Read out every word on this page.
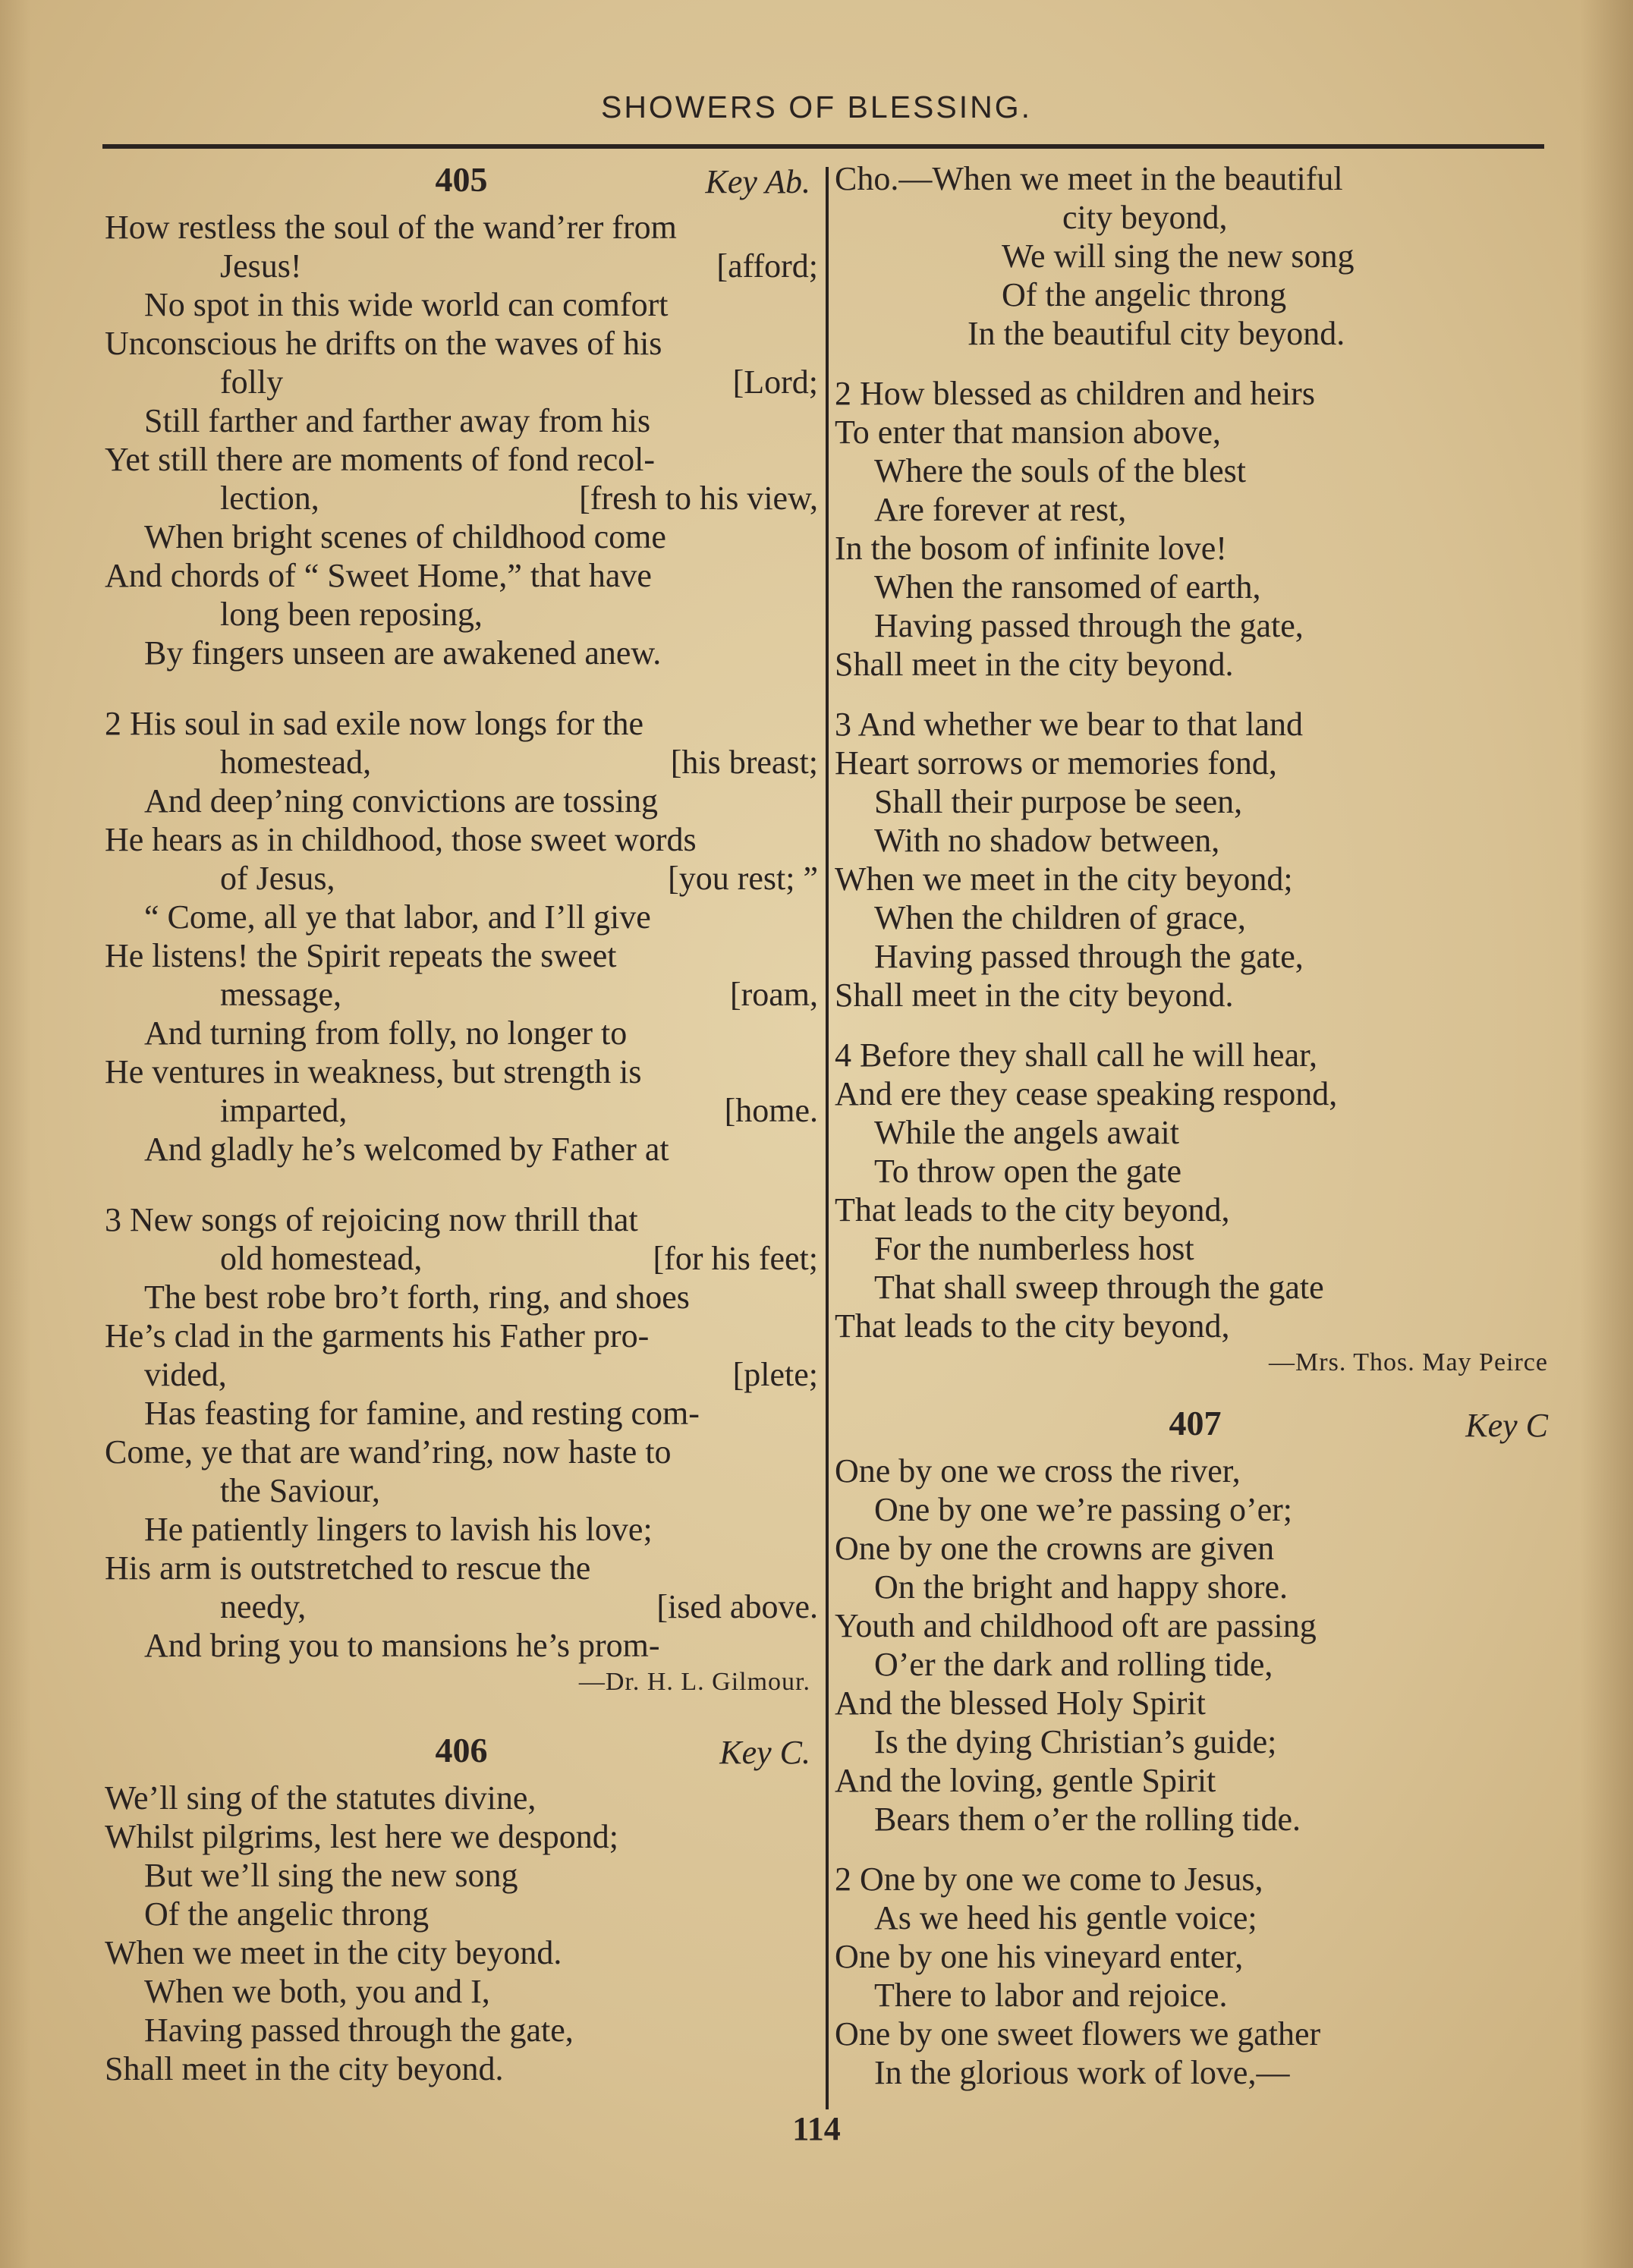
SHOWERS OF BLESSING.
405	Key Ab.
How restless the soul of the wand’rer from
Jesus!	[afford;
No spot in this wide world can comfort
Unconscious he drifts on the waves of his
folly	[Lord;
Still farther and farther away from his
Yet still there are moments of fond recol-
lection,	[fresh to his view,
When bright scenes of childhood come
And chords of “ Sweet Home,” that have
long been reposing,
By fingers unseen are awakened anew.
2 His soul in sad exile now longs for the
homestead,	[his breast;
And deep’ning convictions are tossing
He hears as in childhood, those sweet words
of Jesus,	[you rest; ”
“ Come, all ye that labor, and I’ll give
He listens! the Spirit repeats the sweet
message,	[roam,
And turning from folly, no longer to
He ventures in weakness, but strength is
imparted,	[home.
And gladly he’s welcomed by Father at
3 New songs of rejoicing now thrill that
old homestead,	[for his feet;
The best robe bro’t forth, ring, and shoes
He’s clad in the garments his Father pro-
vided,	[plete;
Has feasting for famine, and resting com-
Come, ye that are wand’ring, now haste to
the Saviour,
He patiently lingers to lavish his love;
His arm is outstretched to rescue the
needy,	[ised above.
And bring you to mansions he’s prom-
—Dr. H. L. Gilmour.
406	Key C.
We’ll sing of the statutes divine,
Whilst pilgrims, lest here we despond;
But we’ll sing the new song
Of the angelic throng
When we meet in the city beyond.
When we both, you and I,
Having passed through the gate,
Shall meet in the city beyond.
Cho.—When we meet in the beautiful
city beyond,
We will sing the new song
Of the angelic throng
In the beautiful city beyond.
2 How blessed as children and heirs
To enter that mansion above,
Where the souls of the blest
Are forever at rest,
In the bosom of infinite love!
When the ransomed of earth,
Having passed through the gate,
Shall meet in the city beyond.
3 And whether we bear to that land
Heart sorrows or memories fond,
Shall their purpose be seen,
With no shadow between,
When we meet in the city beyond;
When the children of grace,
Having passed through the gate,
Shall meet in the city beyond.
4 Before they shall call he will hear,
And ere they cease speaking respond,
While the angels await
To throw open the gate
That leads to the city beyond,
For the numberless host
That shall sweep through the gate
That leads to the city beyond,
—Mrs. Thos. May Peirce
407	Key C
One by one we cross the river,
One by one we’re passing o’er;
One by one the crowns are given
On the bright and happy shore.
Youth and childhood oft are passing
O’er the dark and rolling tide,
And the blessed Holy Spirit
Is the dying Christian’s guide;
And the loving, gentle Spirit
Bears them o’er the rolling tide.
2 One by one we come to Jesus,
As we heed his gentle voice;
One by one his vineyard enter,
There to labor and rejoice.
One by one sweet flowers we gather
In the glorious work of love,—
114
